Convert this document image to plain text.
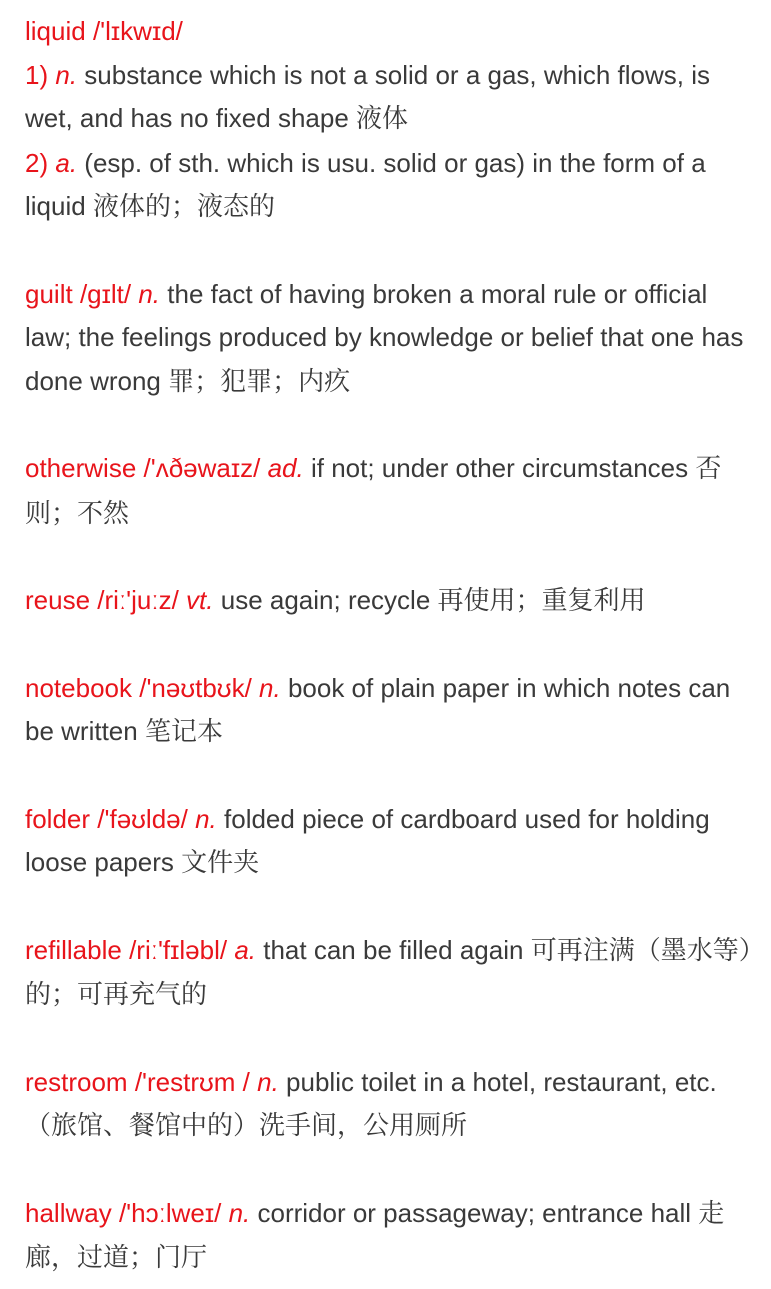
liquid /'lɪkwɪd/
1) n. substance which is not a solid or a gas, which flows, is wet, and has no fixed shape 液体
2) a. (esp. of sth. which is usu. solid or gas) in the form of a liquid 液体的；液态的

guilt /gɪlt/ n. the fact of having broken a moral rule or official law; the feelings produced by knowledge or belief that one has done wrong 罪；犯罪；内疚

otherwise /'ʌðəwaɪz/ ad. if not; under other circumstances 否则；不然

reuse /riː'juːz/ vt. use again; recycle 再使用；重复利用

notebook /'nəʊtbʊk/ n. book of plain paper in which notes can be written 笔记本

folder /'fəʊldə/ n. folded piece of cardboard used for holding loose papers 文件夹

refillable /riː'fɪləbl/ a. that can be filled again 可再注满（墨水等）的；可再充气的

restroom /'restrʊm / n. public toilet in a hotel, restaurant, etc. （旅馆、餐馆中的）洗手间，公用厕所

hallway /'hɔːlweɪ/ n. corridor or passageway; entrance hall 走廊，过道；门厅
